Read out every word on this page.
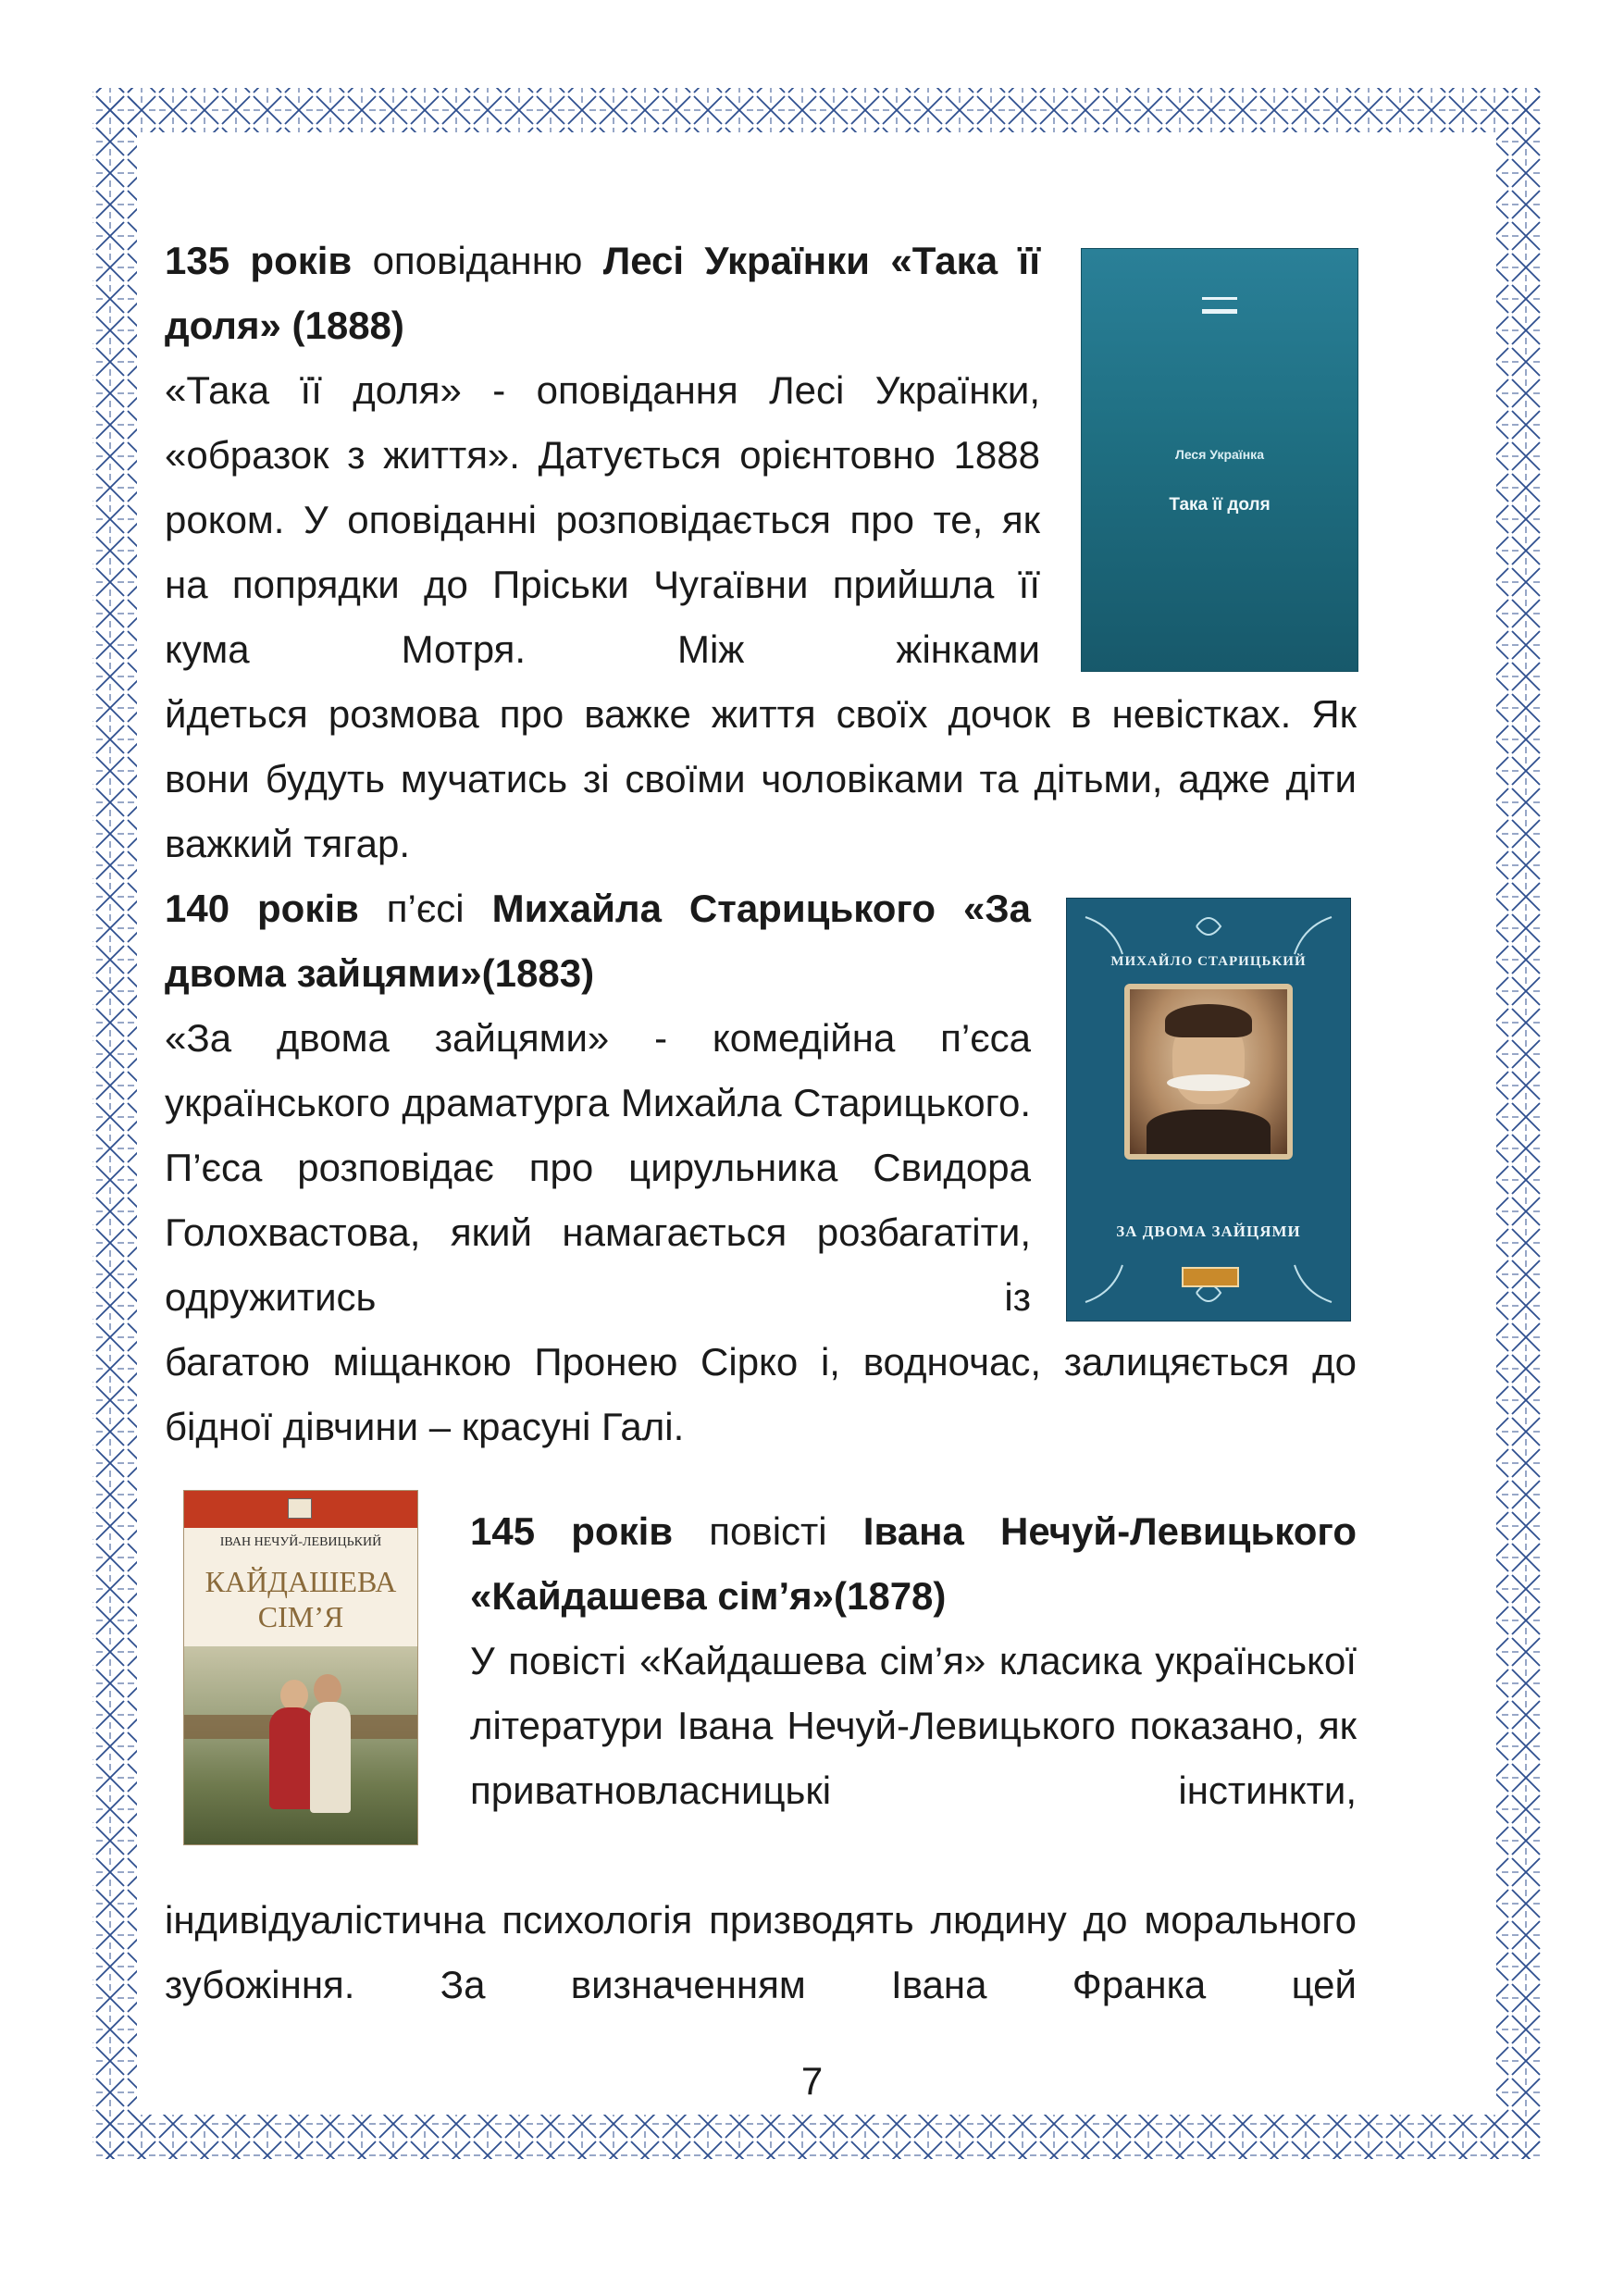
135 років оповіданню Лесі Українки «Така її доля» (1888)

«Така її доля» - оповідання Лесі Українки, «образок з життя». Датується орієнтовно 1888 роком. У оповіданні розповідається про те, як на попрядки до Пріськи Чугаївни прийшла її кума Мотря. Між жінками

йдеться розмова про важке життя своїх дочок в невістках. Як вони будуть мучатись зі своїми чоловіками та дітьми, адже діти важкий тягар.

Леся Українка
Така її доля

140 років п’єсі Михайла Старицького «За двома зайцями»(1883)

«За двома зайцями» - комедійна п’єса українського драматурга Михайла Старицького. П’єса розповідає про цирульника Свидора Голохвастова, який намагається розбагатіти, одружитись із

багатою міщанкою Пронею Сірко і, водночас, залицяється до бідної дівчини – красуні Галі.

МИХАЙЛО СТАРИЦЬКИЙ
ЗА ДВОМА ЗАЙЦЯМИ
ІВАН НЕЧУЙ-ЛЕВИЦЬКИЙ
КАЙДАШЕВА
СІМ’Я

145 років повісті Івана Нечуй-Левицького «Кайдашева сім’я»(1878)

У повісті «Кайдашева сім’я» класика української літератури Івана Нечуй-Левицького показано, як приватновласницькі інстинкти,

індивідуалістична психологія призводять людину до морального зубожіння. За визначенням Івана Франка цей

7
